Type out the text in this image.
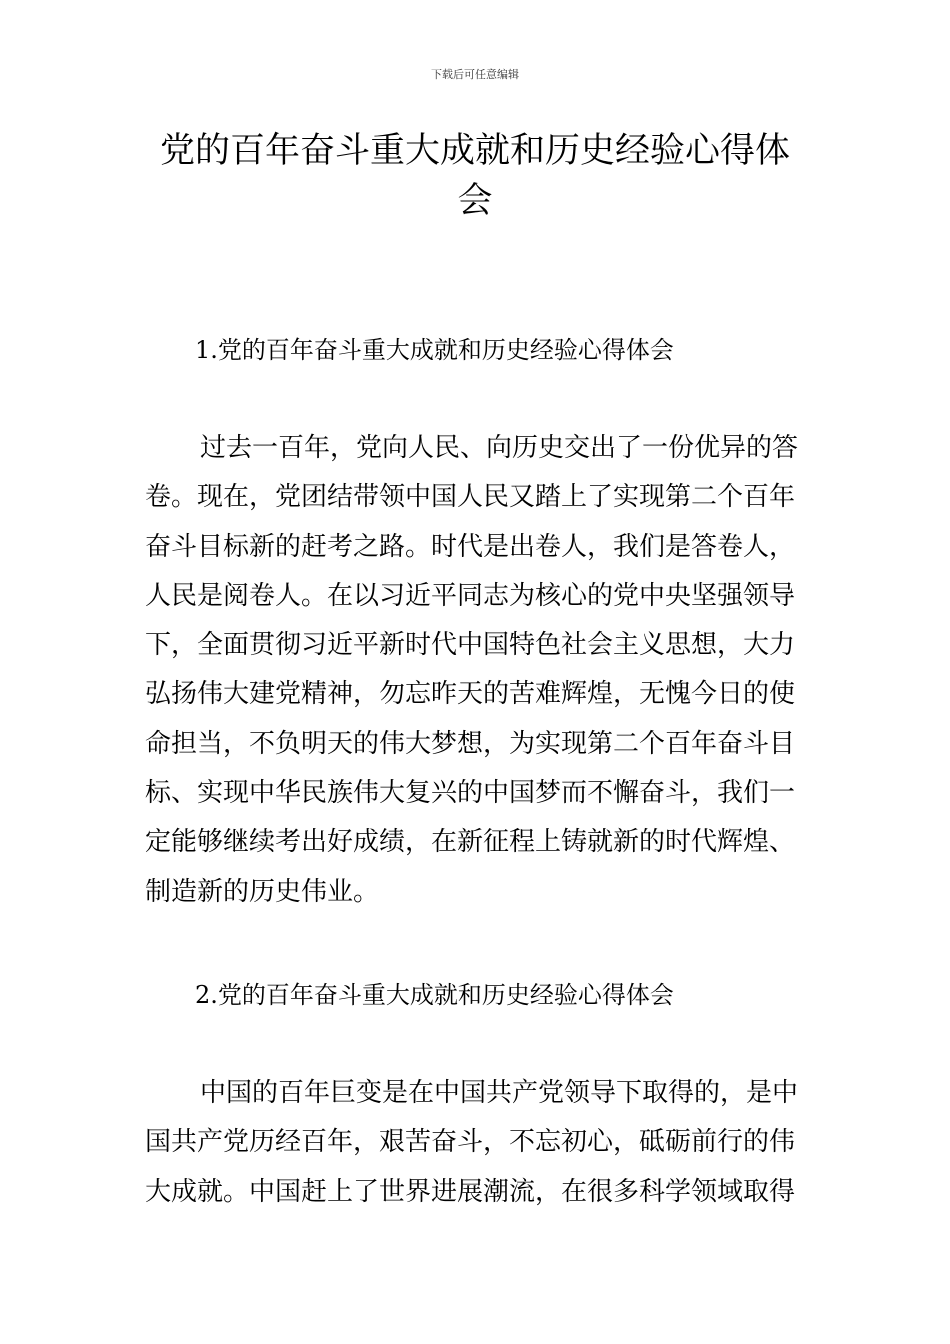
下载后可任意编辑
党的百年奋斗重大成就和历史经验心得体
会
1.党的百年奋斗重大成就和历史经验心得体会
过去一百年，党向人民、向历史交出了一份优异的答
卷。现在，党团结带领中国人民又踏上了实现第二个百年
奋斗目标新的赶考之路。时代是出卷人，我们是答卷人，
人民是阅卷人。在以习近平同志为核心的党中央坚强领导
下，全面贯彻习近平新时代中国特色社会主义思想，大力
弘扬伟大建党精神，勿忘昨天的苦难辉煌，无愧今日的使
命担当，不负明天的伟大梦想，为实现第二个百年奋斗目
标、实现中华民族伟大复兴的中国梦而不懈奋斗，我们一
定能够继续考出好成绩，在新征程上铸就新的时代辉煌、
制造新的历史伟业。
2.党的百年奋斗重大成就和历史经验心得体会
中国的百年巨变是在中国共产党领导下取得的，是中
国共产党历经百年，艰苦奋斗，不忘初心，砥砺前行的伟
大成就。中国赶上了世界进展潮流，在很多科学领域取得
